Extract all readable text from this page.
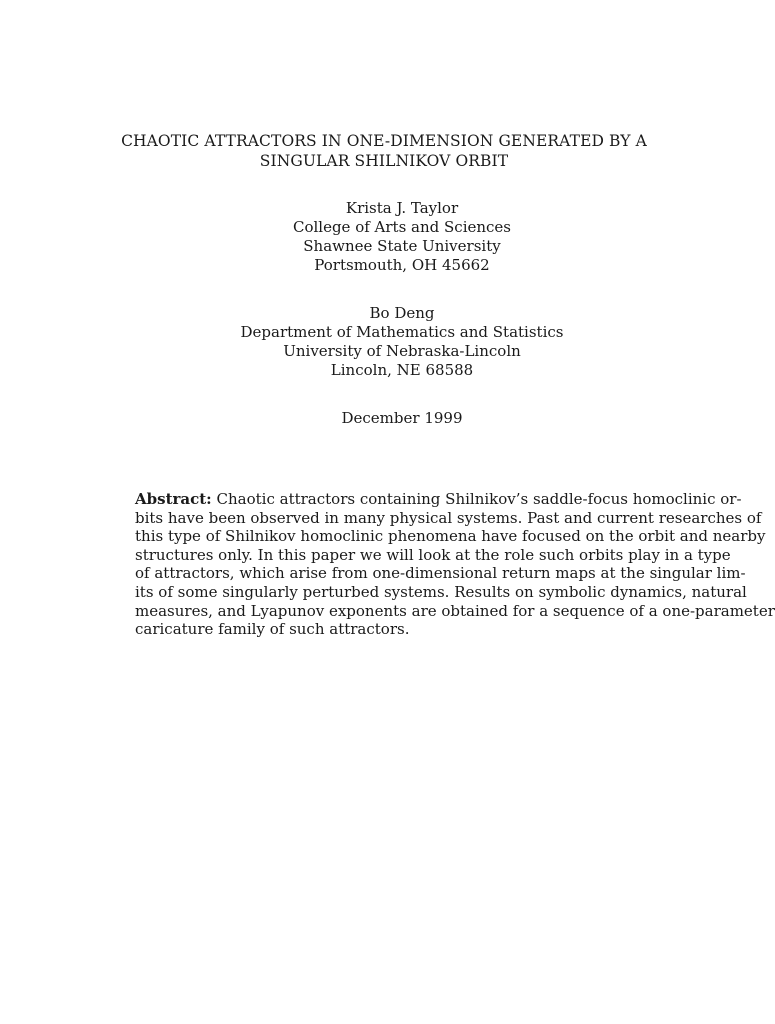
CHAOTIC ATTRACTORS IN ONE-DIMENSION GENERATED BY A
SINGULAR SHILNIKOV ORBIT
Krista J. Taylor
College of Arts and Sciences
Shawnee State University
Portsmouth, OH 45662
Bo Deng
Department of Mathematics and Statistics
University of Nebraska-Lincoln
Lincoln, NE 68588
December 1999
Abstract: Chaotic attractors containing Shilnikov’s saddle-focus homoclinic or-
bits have been observed in many physical systems. Past and current researches of
this type of Shilnikov homoclinic phenomena have focused on the orbit and nearby
structures only. In this paper we will look at the role such orbits play in a type
of attractors, which arise from one-dimensional return maps at the singular lim-
its of some singularly perturbed systems. Results on symbolic dynamics, natural
measures, and Lyapunov exponents are obtained for a sequence of a one-parameter
caricature family of such attractors.
